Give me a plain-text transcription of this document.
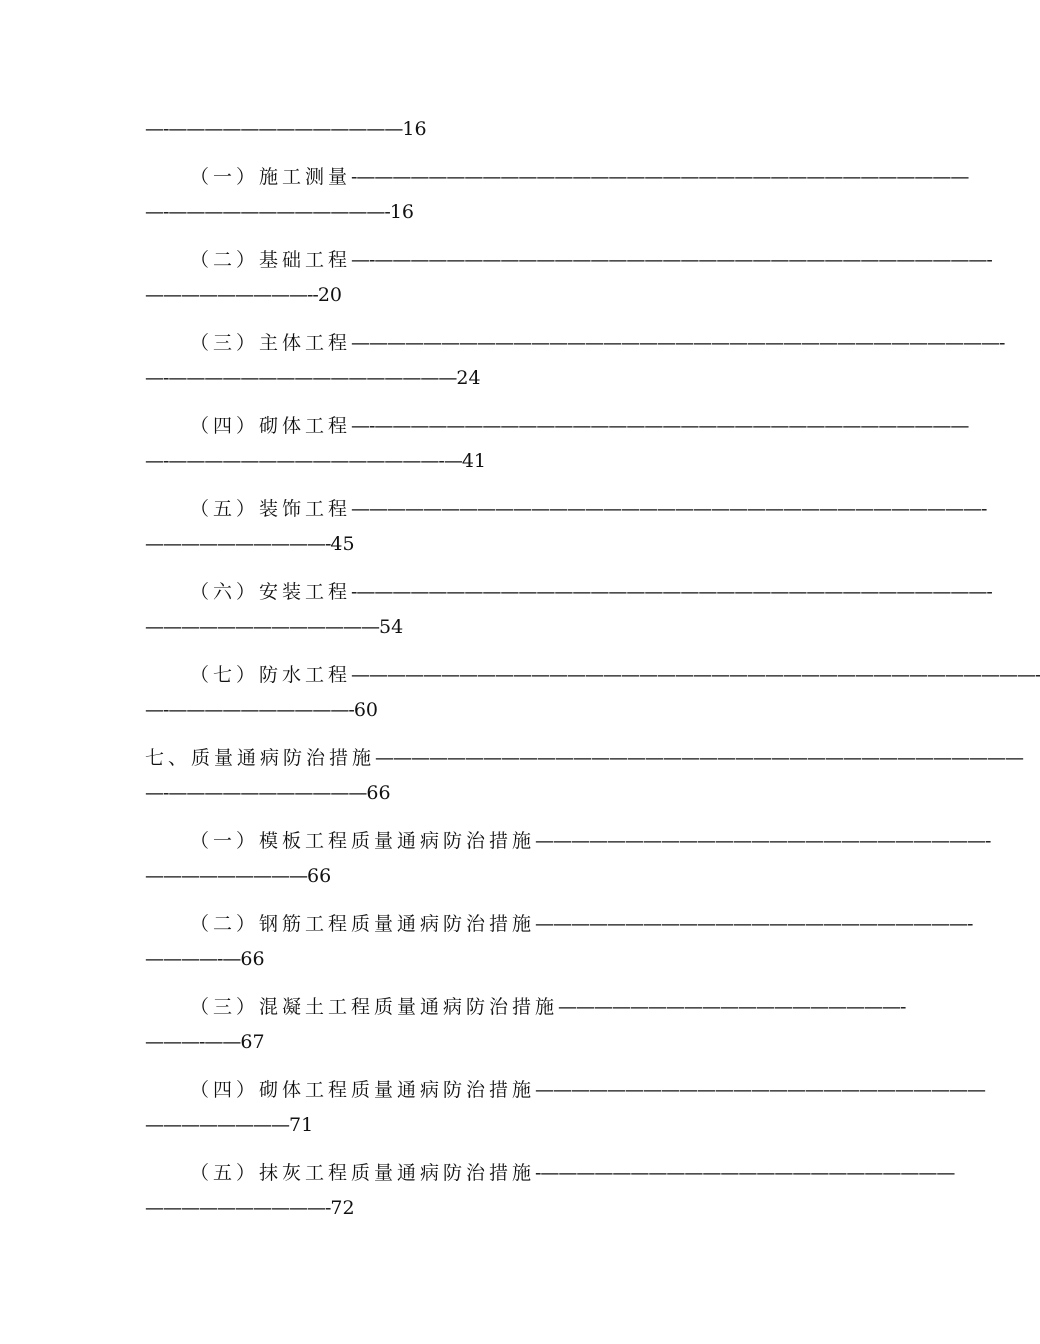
—-————————————— 16
（一）施工测量 -——————————————————————————————————
—-————————————- 16
（二）基础工程 —-——————————————————————————————————-
—————————-- 20
（三）主体工程 ————————————————————————————————————-
—-———————————————— 24
（四）砌体工程 —-—————————————————————————————————
—-———————————————-— 41
（五）装饰工程 ———————————————————————————————————-
——————————- 45
（六）安装工程 -———————————————————————————————————-
————————————— 54
（七）防水工程 ——————————————————————————————————————-
—-——————————- 60
七、质量通病防治措施 ————————————————————————————————————
—-——————————— 66
（一）模板工程质量通病防治措施 —————————————————————————-
————————— 66
（二）钢筋工程质量通病防治措施 ————————————————————————-
————-— 66
（三）混凝土工程质量通病防治措施 ———————————————————-
———-—— 67
（四）砌体工程质量通病防治措施 —————————————————————————
———————— 71
（五）抹灰工程质量通病防治措施 -———————————————————————
——————————- 72
